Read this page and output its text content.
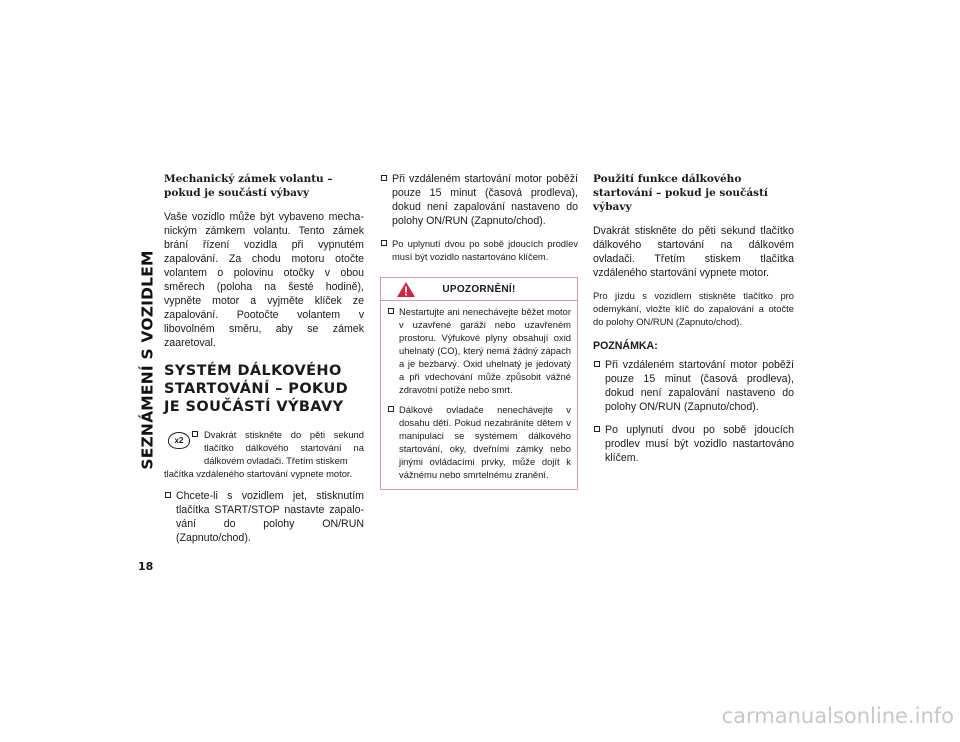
SEZNÁMENÍ S VOZIDLEM
18
Mechanický zámek volantu – pokud je součástí výbavy

Vaše vozidlo může být vybaveno mechanickým zámkem volantu. Tento zámek brání řízení vozidla při vypnutém zapalování. Za chodu motoru otočte volantem o polovinu otočky v obou směrech (poloha na šesté hodině), vypněte motor a vyjměte klíček ze zapalování. Pootočte volantem v libovolném směru, aby se zámek zaaretoval.

SYSTÉM DÁLKOVÉHO STARTOVÁNÍ – POKUD JE SOUČÁSTÍ VÝBAVY
x2

Dvakrát stiskněte do pěti sekund tlačítko dálkového startování na dálkovém ovladači. Třetím stiskem

tlačítka vzdáleného startování vypnete motor.

Chcete-li s vozidlem jet, stisknutím tlačítka START/STOP nastavte zapalování do polohy ON/RUN (Zapnuto/chod).

Při vzdáleném startování motor poběží pouze 15 minut (časová prodleva), dokud není zapalování nastaveno do polohy ON/RUN (Zapnuto/chod).

Po uplynutí dvou po sobě jdoucích prodlev musí být vozidlo nastartováno klíčem.

UPOZORNĚNÍ!

Nestartujte ani nenechávejte běžet motor v uzavřené garáži nebo uzavřeném prostoru. Výfukové plyny obsahují oxid uhelnatý (CO), který nemá žádný zápach a je bezbarvý. Oxid uhelnatý je jedovatý a při vdechování může způsobit vážné zdravotní potíže nebo smrt.

Dálkové ovladače nenechávejte v dosahu dětí. Pokud nezabráníte dětem v manipulaci se systémem dálkového startování, oky, dveřními zámky nebo jinými ovládacími prvky, může dojít k vážnému nebo smrtelnému zranění.

Použití funkce dálkového startování – pokud je součástí výbavy

Dvakrát stiskněte do pěti sekund tlačítko dálkového startování na dálkovém ovladači. Třetím stiskem tlačítka vzdáleného startování vypnete motor.

Pro jízdu s vozidlem stiskněte tlačítko pro odemykání, vložte klíč do zapalování a otočte do polohy ON/RUN (Zapnuto/chod).

POZNÁMKA:

Při vzdáleném startování motor poběží pouze 15 minut (časová prodleva), dokud není zapalování nastaveno do polohy ON/RUN (Zapnuto/chod).

Po uplynutí dvou po sobě jdoucích prodlev musí být vozidlo nastartováno klíčem.

carmanualsonline.info
